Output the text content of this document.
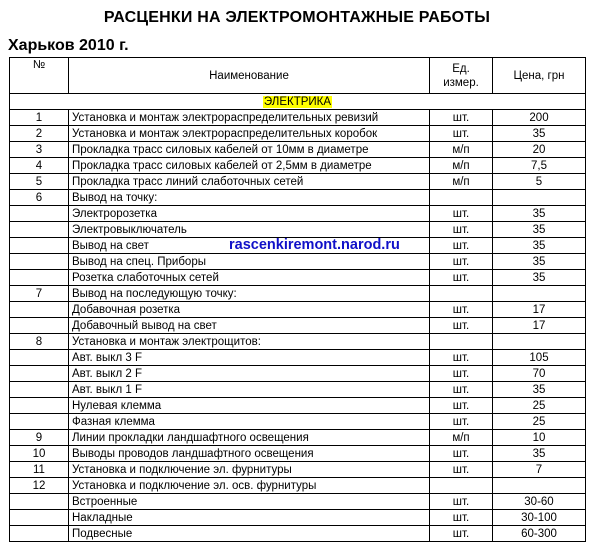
РАСЦЕНКИ НА ЭЛЕКТРОМОНТАЖНЫЕ РАБОТЫ
Харьков 2010 г.
№	Наименование	Ед. измер.	Цена, грн
ЭЛЕКТРИКА			
1	Установка и монтаж электрораспределительных ревизий	шт.	200
2	Установка и монтаж электрораспределительных коробок	шт.	35
3	Прокладка трасс силовых кабелей от 10мм в диаметре	м/п	20
4	Прокладка трасс силовых кабелей от 2,5мм в диаметре	м/п	7,5
5	Прокладка трасс линий слаботочных сетей	м/п	5
6	Вывод на точку:		
	Электророзетка	шт.	35
	Электровыключатель	шт.	35
	Вывод на свет	шт.	35
	Вывод на спец. Приборы	шт.	35
	Розетка слаботочных сетей	шт.	35
7	Вывод на последующую точку:		
	Добавочная розетка	шт.	17
	Добавочный вывод на свет	шт.	17
8	Установка и монтаж электрощитов:		
	Авт. выкл 3 F	шт.	105
	Авт. выкл 2 F	шт.	70
	Авт. выкл 1 F	шт.	35
	Нулевая клемма	шт.	25
	Фазная клемма	шт.	25
9	Линии прокладки ландшафтного освещения	м/п	10
10	Выводы проводов ландшафтного освещения	шт.	35
11	Установка и подключение эл. фурнитуры	шт.	7
12	Установка и подключение эл. осв. фурнитуры		
	Встроенные	шт.	30-60
	Накладные	шт.	30-100
	Подвесные	шт.	60-300
rascenkiremont.narod.ru
